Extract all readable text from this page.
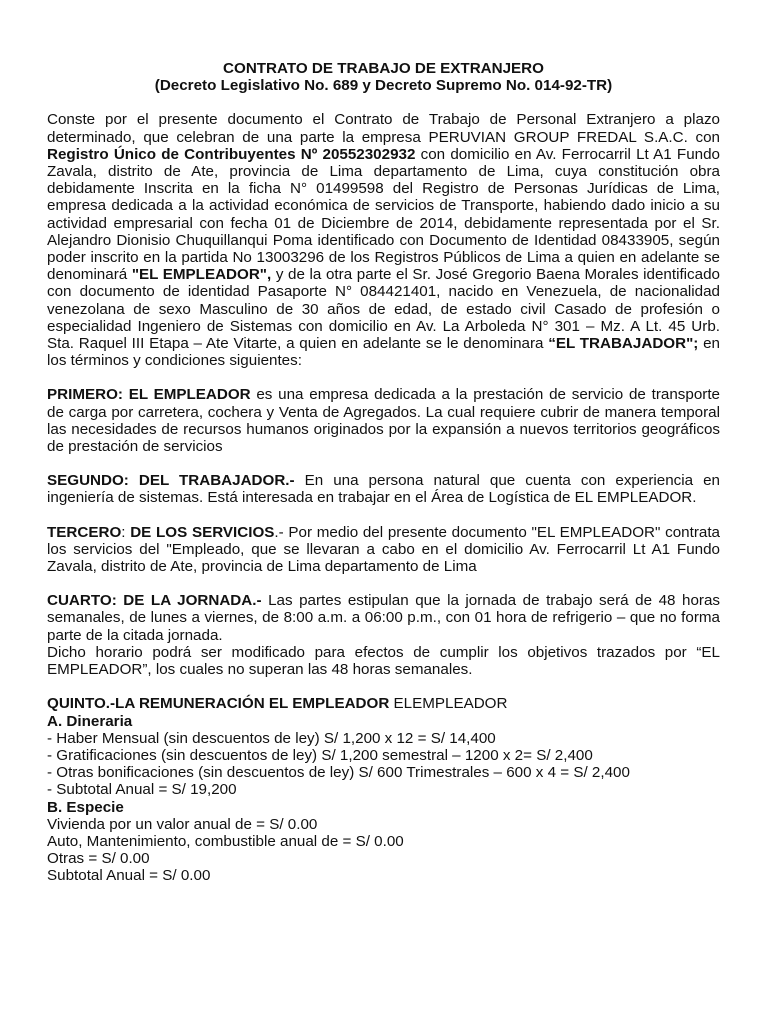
CONTRATO DE TRABAJO DE EXTRANJERO
(Decreto Legislativo No. 689 y Decreto Supremo No. 014-92-TR)

Conste por el presente documento el Contrato de Trabajo de Personal Extranjero a plazo determinado, que celebran de una parte la empresa PERUVIAN GROUP FREDAL S.A.C. con Registro Único de Contribuyentes Nº 20552302932 con domicilio en Av. Ferrocarril Lt A1 Fundo Zavala, distrito de Ate, provincia de Lima departamento de Lima, cuya constitución obra debidamente Inscrita en la ficha N° 01499598 del Registro de Personas Jurídicas de Lima, empresa dedicada a la actividad económica de servicios de Transporte, habiendo dado inicio a su actividad empresarial con fecha 01 de Diciembre de 2014, debidamente representada por el Sr. Alejandro Dionisio Chuquillanqui Poma identificado con Documento de Identidad 08433905, según poder inscrito en la partida No 13003296 de los Registros Públicos de Lima a quien en adelante se denominará "EL EMPLEADOR", y de la otra parte el Sr. José Gregorio Baena Morales identificado con documento de identidad Pasaporte N° 084421401, nacido en Venezuela, de nacionalidad venezolana de sexo Masculino de 30 años de edad, de estado civil Casado de profesión o especialidad Ingeniero de Sistemas con domicilio en Av. La Arboleda N° 301 – Mz. A Lt. 45 Urb. Sta. Raquel III Etapa – Ate Vitarte, a quien en adelante se le denominara “EL TRABAJADOR"; en los términos y condiciones siguientes:

PRIMERO: EL EMPLEADOR es una empresa dedicada a la prestación de servicio de transporte de carga por carretera, cochera y Venta de Agregados. La cual requiere cubrir de manera temporal las necesidades de recursos humanos originados por la expansión a nuevos territorios geográficos de prestación de servicios

SEGUNDO: DEL TRABAJADOR.- En una persona natural que cuenta con experiencia en ingeniería de sistemas. Está interesada en trabajar en el Área de Logística de EL EMPLEADOR.

TERCERO: DE LOS SERVICIOS.- Por medio del presente documento "EL EMPLEADOR" contrata los servicios del "Empleado, que se llevaran a cabo en el domicilio Av. Ferrocarril Lt A1 Fundo Zavala, distrito de Ate, provincia de Lima departamento de Lima

CUARTO: DE LA JORNADA.- Las partes estipulan que la jornada de trabajo será de 48 horas semanales, de lunes a viernes, de 8:00 a.m. a 06:00 p.m., con 01 hora de refrigerio – que no forma parte de la citada jornada.

Dicho horario podrá ser modificado para efectos de cumplir los objetivos trazados por “EL EMPLEADOR”, los cuales no superan las 48 horas semanales.

QUINTO.-LA REMUNERACIÓN EL EMPLEADOR ELEMPLEADOR
A. Dineraria
- Haber Mensual (sin descuentos de ley) S/ 1,200 x 12 = S/ 14,400
- Gratificaciones (sin descuentos de ley) S/ 1,200 semestral – 1200 x 2= S/ 2,400
- Otras bonificaciones (sin descuentos de ley) S/ 600 Trimestrales – 600 x 4 = S/ 2,400
- Subtotal Anual = S/ 19,200
B. Especie
Vivienda por un valor anual de = S/ 0.00
Auto, Mantenimiento, combustible anual de = S/ 0.00
Otras = S/ 0.00
Subtotal Anual = S/ 0.00
